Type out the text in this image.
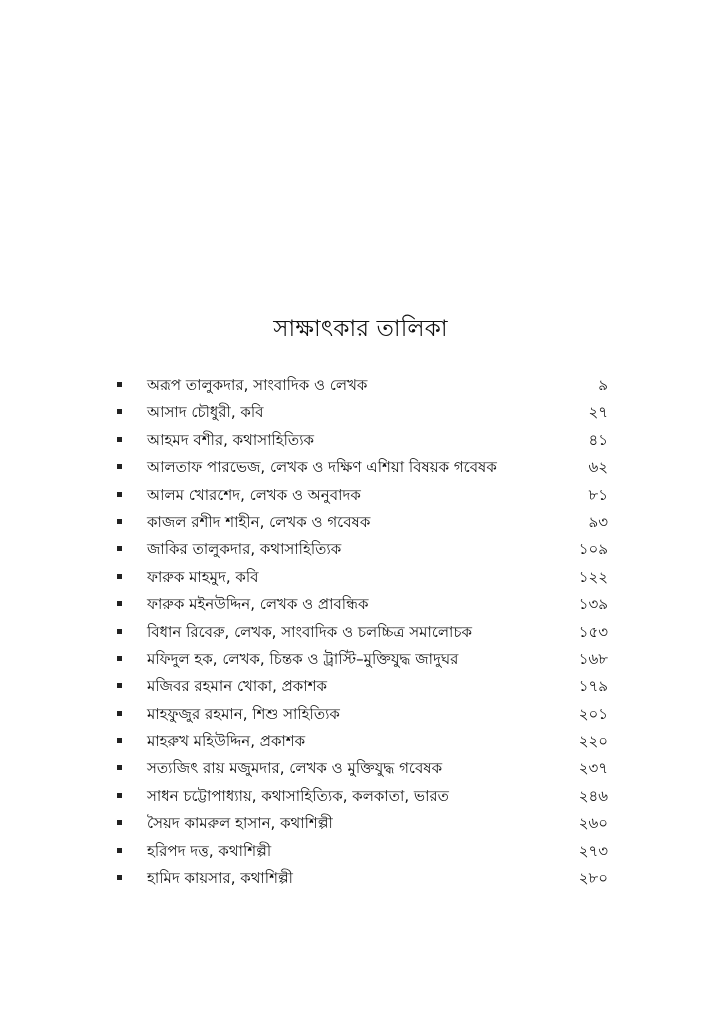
সাক্ষাৎকার তালিকা
অরূপ তালুকদার, সাংবাদিক ও লেখক	৯
আসাদ চৌধুরী, কবি	২৭
আহমদ বশীর, কথাসাহিত্যিক	৪১
আলতাফ পারভেজ, লেখক ও দক্ষিণ এশিয়া বিষয়ক গবেষক	৬২
আলম খোরশেদ, লেখক ও অনুবাদক	৮১
কাজল রশীদ শাহীন, লেখক ও গবেষক	৯৩
জাকির তালুকদার, কথাসাহিত্যিক	১০৯
ফারুক মাহমুদ, কবি	১২২
ফারুক মইনউদ্দিন, লেখক ও প্রাবন্ধিক	১৩৯
বিধান রিবেরু, লেখক, সাংবাদিক ও চলচ্চিত্র সমালোচক	১৫৩
মফিদুল হক, লেখক, চিন্তক ও ট্রাস্টি–মুক্তিযুদ্ধ জাদুঘর	১৬৮
মজিবর রহমান খোকা, প্রকাশক	১৭৯
মাহফুজুর রহমান, শিশু সাহিত্যিক	২০১
মাহরুখ মহিউদ্দিন, প্রকাশক	২২০
সত্যজিৎ রায় মজুমদার, লেখক ও মুক্তিযুদ্ধ গবেষক	২৩৭
সাধন চট্টোপাধ্যায়, কথাসাহিত্যিক, কলকাতা, ভারত	২৪৬
সৈয়দ কামরুল হাসান, কথাশিল্পী	২৬০
হরিপদ দত্ত, কথাশিল্পী	২৭৩
হামিদ কায়সার, কথাশিল্পী	২৮০
